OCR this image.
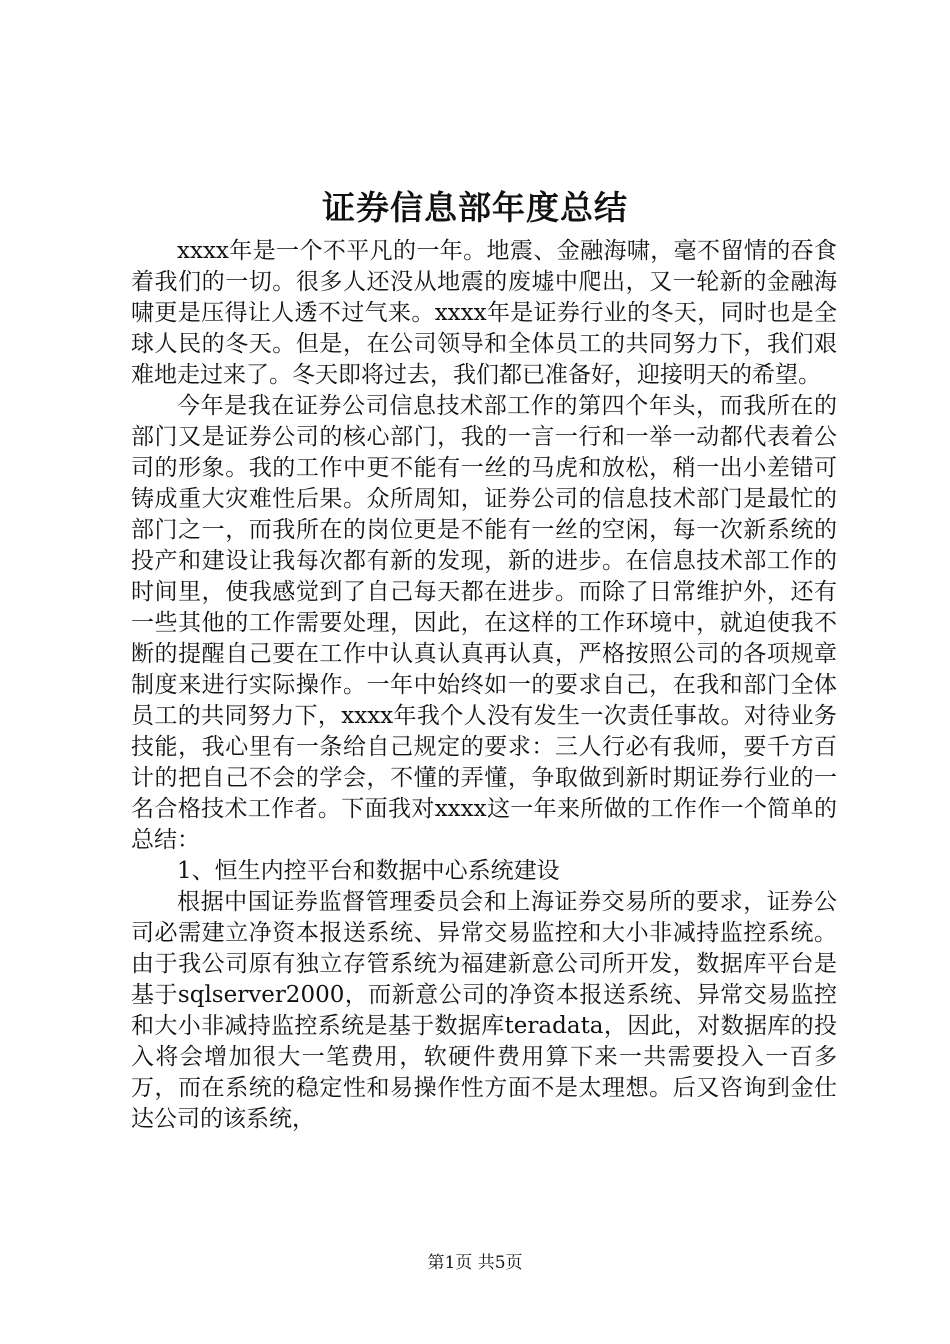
证券信息部年度总结

xxxx年是一个不平凡的一年。地震、金融海啸，毫不留情的吞食着我们的一切。很多人还没从地震的废墟中爬出，又一轮新的金融海啸更是压得让人透不过气来。xxxx年是证券行业的冬天，同时也是全球人民的冬天。但是，在公司领导和全体员工的共同努力下，我们艰难地走过来了。冬天即将过去，我们都已准备好，迎接明天的希望。

今年是我在证券公司信息技术部工作的第四个年头，而我所在的部门又是证券公司的核心部门，我的一言一行和一举一动都代表着公司的形象。我的工作中更不能有一丝的马虎和放松，稍一出小差错可铸成重大灾难性后果。众所周知，证券公司的信息技术部门是最忙的部门之一，而我所在的岗位更是不能有一丝的空闲，每一次新系统的投产和建设让我每次都有新的发现，新的进步。在信息技术部工作的时间里，使我感觉到了自己每天都在进步。而除了日常维护外，还有一些其他的工作需要处理，因此，在这样的工作环境中，就迫使我不断的提醒自己要在工作中认真认真再认真，严格按照公司的各项规章制度来进行实际操作。一年中始终如一的要求自己，在我和部门全体员工的共同努力下，xxxx年我个人没有发生一次责任事故。对待业务技能，我心里有一条给自己规定的要求：三人行必有我师，要千方百计的把自己不会的学会，不懂的弄懂，争取做到新时期证券行业的一名合格技术工作者。下面我对xxxx这一年来所做的工作作一个简单的总结：

1、恒生内控平台和数据中心系统建设

根据中国证券监督管理委员会和上海证券交易所的要求，证券公司必需建立净资本报送系统、异常交易监控和大小非减持监控系统。由于我公司原有独立存管系统为福建新意公司所开发，数据库平台是基于sqlserver2000，而新意公司的净资本报送系统、异常交易监控和大小非减持监控系统是基于数据库teradata，因此，对数据库的投入将会增加很大一笔费用，软硬件费用算下来一共需要投入一百多万，而在系统的稳定性和易操作性方面不是太理想。后又咨询到金仕达公司的该系统，

第1页 共5页
